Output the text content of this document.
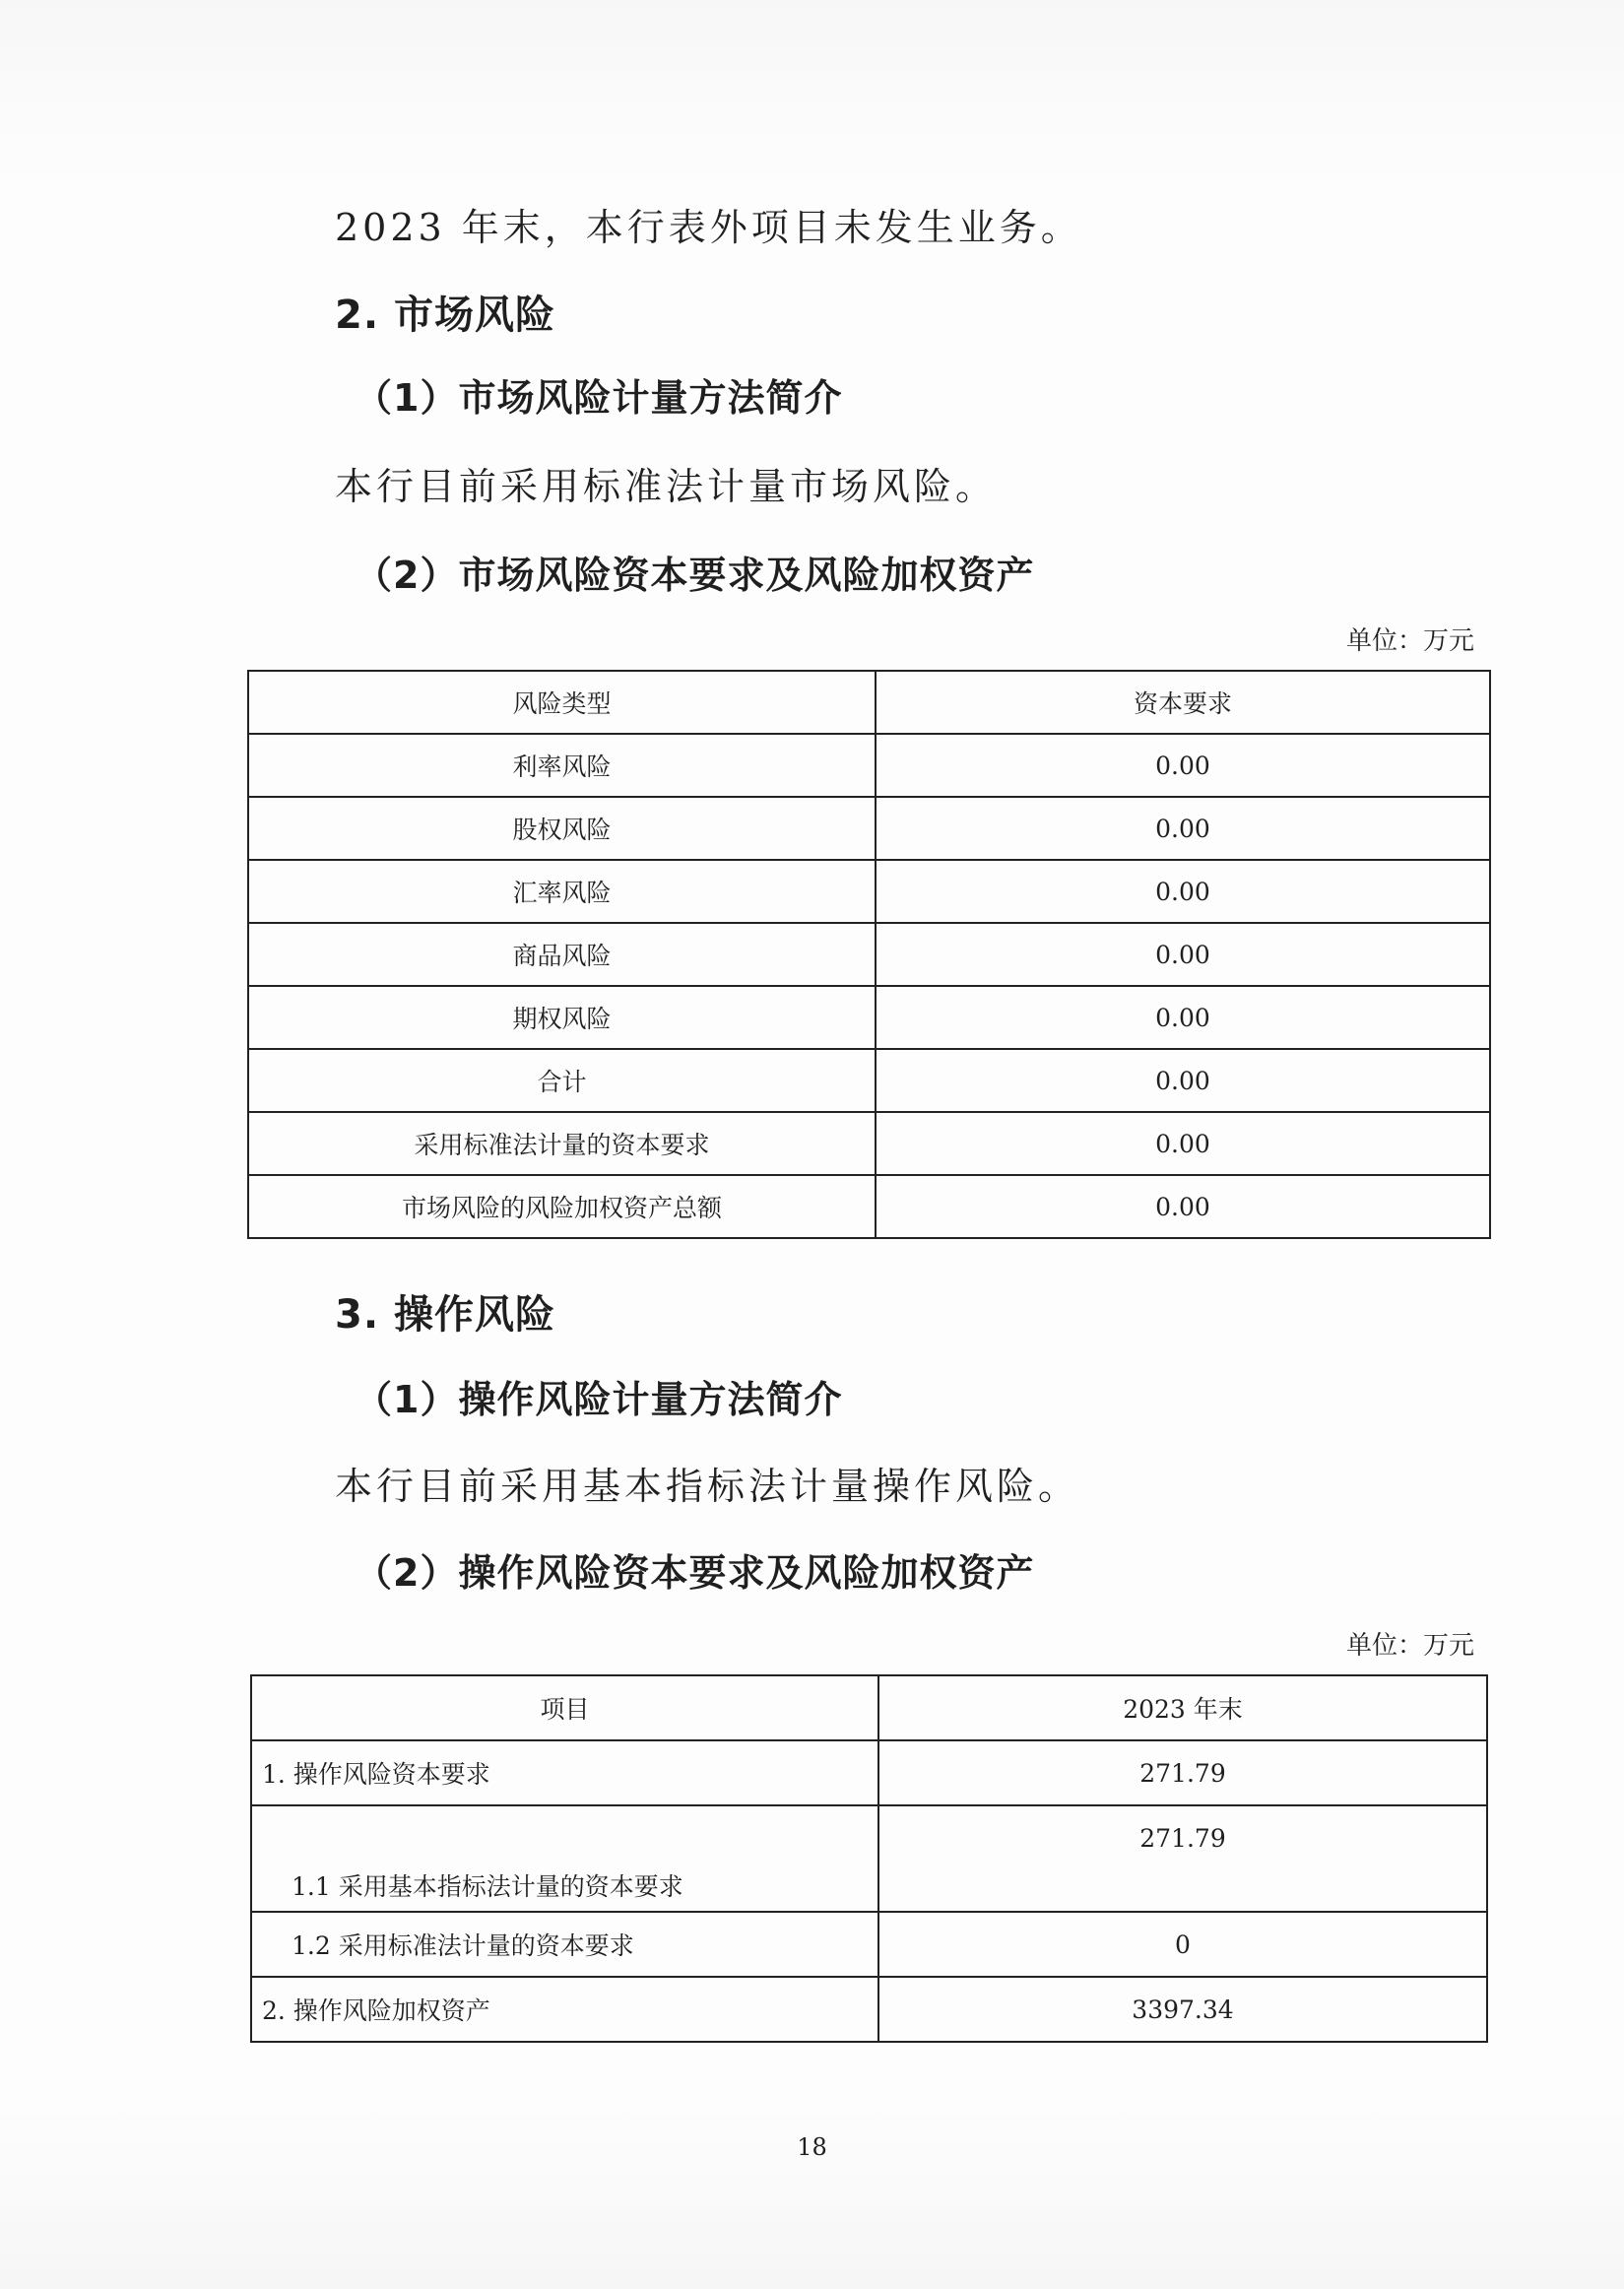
2023 年末，本行表外项目未发生业务。
2. 市场风险
（1）市场风险计量方法简介
本行目前采用标准法计量市场风险。
（2）市场风险资本要求及风险加权资产
单位：万元
风险类型	资本要求
利率风险	0.00
股权风险	0.00
汇率风险	0.00
商品风险	0.00
期权风险	0.00
合计	0.00
采用标准法计量的资本要求	0.00
市场风险的风险加权资产总额	0.00
3. 操作风险
（1）操作风险计量方法简介
本行目前采用基本指标法计量操作风险。
（2）操作风险资本要求及风险加权资产
单位：万元
项目	2023 年末
1. 操作风险资本要求	271.79
1.1 采用基本指标法计量的资本要求	271.79
1.2 采用标准法计量的资本要求	0
2. 操作风险加权资产	3397.34
18
